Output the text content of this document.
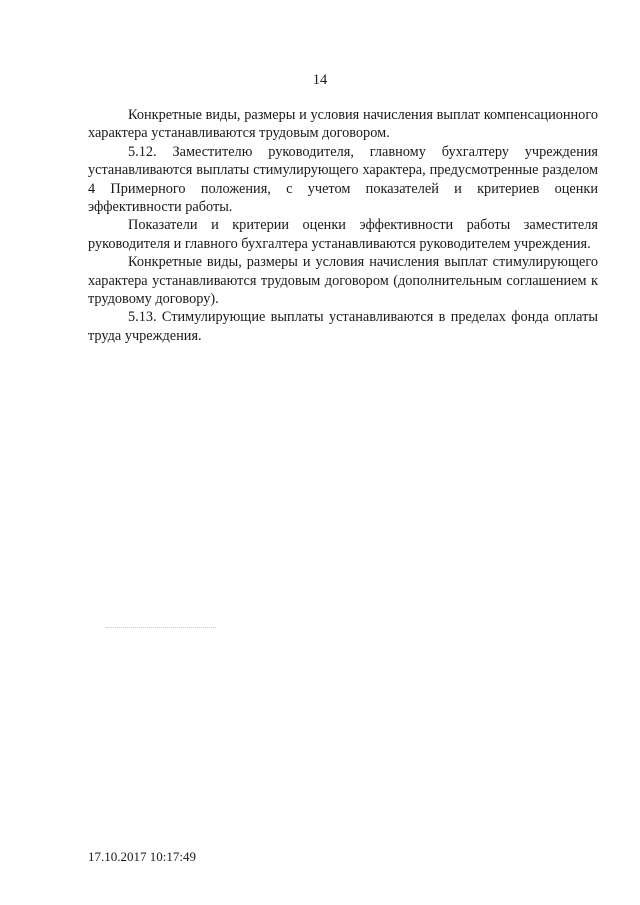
14

Конкретные виды, размеры и условия начисления выплат компенсационного характера устанавливаются трудовым договором.

5.12. Заместителю руководителя, главному бухгалтеру учреждения устанавливаются выплаты стимулирующего характера, предусмотренные разделом 4 Примерного положения, с учетом показателей и критериев оценки эффективности работы.

Показатели и критерии оценки эффективности работы заместителя руководителя и главного бухгалтера устанавливаются руководителем учреждения.

Конкретные виды, размеры и условия начисления выплат стимулирующего характера устанавливаются трудовым договором (дополнительным соглашением к трудовому договору).

5.13. Стимулирующие выплаты устанавливаются в пределах фонда оплаты труда учреждения.

17.10.2017 10:17:49
